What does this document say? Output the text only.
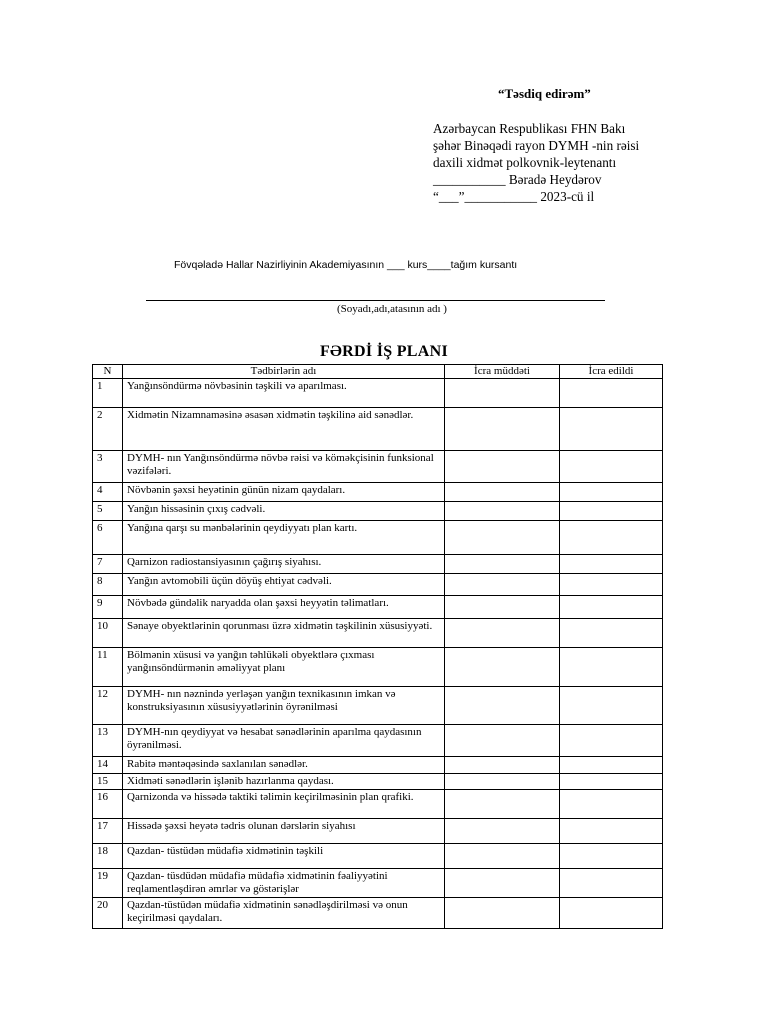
“Təsdiq edirəm”
Azərbaycan Respublikası FHN Bakı
şəhər Binəqədi rayon DYMH -nin rəisi
daxili xidmət polkovnik-leytenantı
___________ Bəradə Heydərov
“___”___________ 2023-cü il
Fövqəladə Hallar Nazirliyinin Akademiyasının ___ kurs____tağım kursantı
(Soyadı,adı,atasının adı )
FƏRDİ İŞ PLANI
N	Tədbirlərin adı	İcra müddəti	İcra edildi
1	Yanğınsöndürmə növbəsinin təşkili və aparılması.		
2	Xidmətin Nizamnaməsinə əsasən xidmətin təşkilinə aid sənədlər.		
3	DYMH- nın Yanğınsöndürmə növbə rəisi və köməkçisinin funksional vəzifələri.		
4	Növbənin şəxsi heyətinin günün nizam qaydaları.		
5	Yanğın hissəsinin çıxış cədvəli.		
6	Yanğına qarşı su mənbələrinin qeydiyyatı plan kartı.		
7	Qarnizon radiostansiyasının çağırış siyahısı.		
8	Yanğın avtomobili üçün döyüş ehtiyat cədvəli.		
9	Növbədə gündəlik naryadda olan şəxsi heyyətin təlimatları.		
10	Sənaye obyektlərinin qorunması üzrə xidmətin təşkilinin xüsusiyyəti.		
11	Bölmənin xüsusi və yanğın təhlükəli obyektlərə çıxması yanğınsöndürmənin əməliyyat planı		
12	DYMH- nın nəznində yerləşən yanğın texnikasının imkan və konstruksiyasının xüsusiyyətlərinin öyrənilməsi		
13	DYMH-nın qeydiyyat və hesabat sənədlərinin aparılma qaydasının öyrənilməsi.		
14	Rabitə məntəqəsində saxlanılan sənədlər.		
15	Xidməti sənədlərin işlənib hazırlanma qaydası.		
16	Qarnizonda və hissədə taktiki təlimin keçirilməsinin plan qrafiki.		
17	Hissədə şəxsi heyətə tədris olunan dərslərin siyahısı		
18	Qazdan- tüstüdən müdafiə xidmətinin təşkili		
19	Qazdan- tüsdüdən müdafiə müdafiə xidmətinin fəaliyyətini reqlamentləşdirən əmrlər və göstərişlər		
20	Qazdan-tüstüdən müdafiə xidmətinin sənədləşdirilməsi və onun keçirilməsi qaydaları.		
